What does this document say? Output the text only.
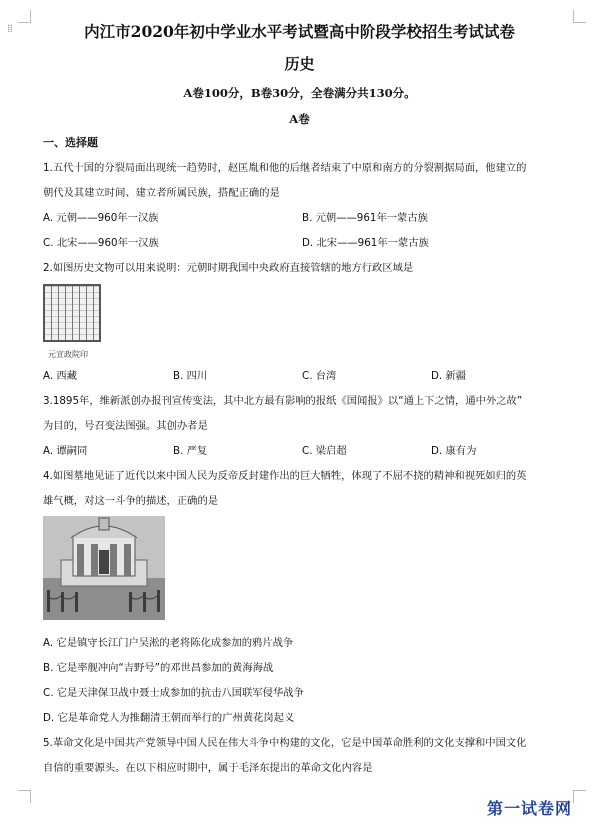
⁞⁞	内江市2020年初中学业水平考试暨高中阶段学校招生考试试卷
历史
A卷100分，B卷30分，全卷满分共130分。
A卷
一、选择题
1.五代十国的分裂局面出现统一趋势时，赵匡胤和他的后继者结束了中原和南方的分裂割据局面，他建立的
朝代及其建立时间、建立者所属民族，搭配正确的是
A. 元朝——960年一汉族	B. 元朝——961年一蒙古族
C. 北宋——960年一汉族	D. 北宋——961年一蒙古族
2.如图历史文物可以用来说明：元朝时期我国中央政府直接管辖的地方行政区域是
元宣政院印
A. 西藏	B. 四川	C. 台湾	D. 新疆
3.1895年，维新派创办报刊宣传变法，其中北方最有影响的报纸《国闻报》以“通上下之情，通中外之故”
为目的，号召变法图强。其创办者是
A. 谭嗣同	B. 严复	C. 梁启超	D. 康有为
4.如图墓地见证了近代以来中国人民为反帝反封建作出的巨大牺牲，体现了不屈不挠的精神和视死如归的英
雄气概，对这一斗争的描述，正确的是
A. 它是镇守长江门户吴淞的老将陈化成参加的鸦片战争
B. 它是率舰冲向“吉野号”的邓世昌参加的黄海海战
C. 它是天津保卫战中聂士成参加的抗击八国联军侵华战争
D. 它是革命党人为推翻清王朝而举行的广州黄花岗起义
5.革命文化是中国共产党领导中国人民在伟大斗争中构建的文化，它是中国革命胜利的文化支撑和中国文化
自信的重要源头。在以下相应时期中，属于毛泽东提出的革命文化内容是
第一试卷网
